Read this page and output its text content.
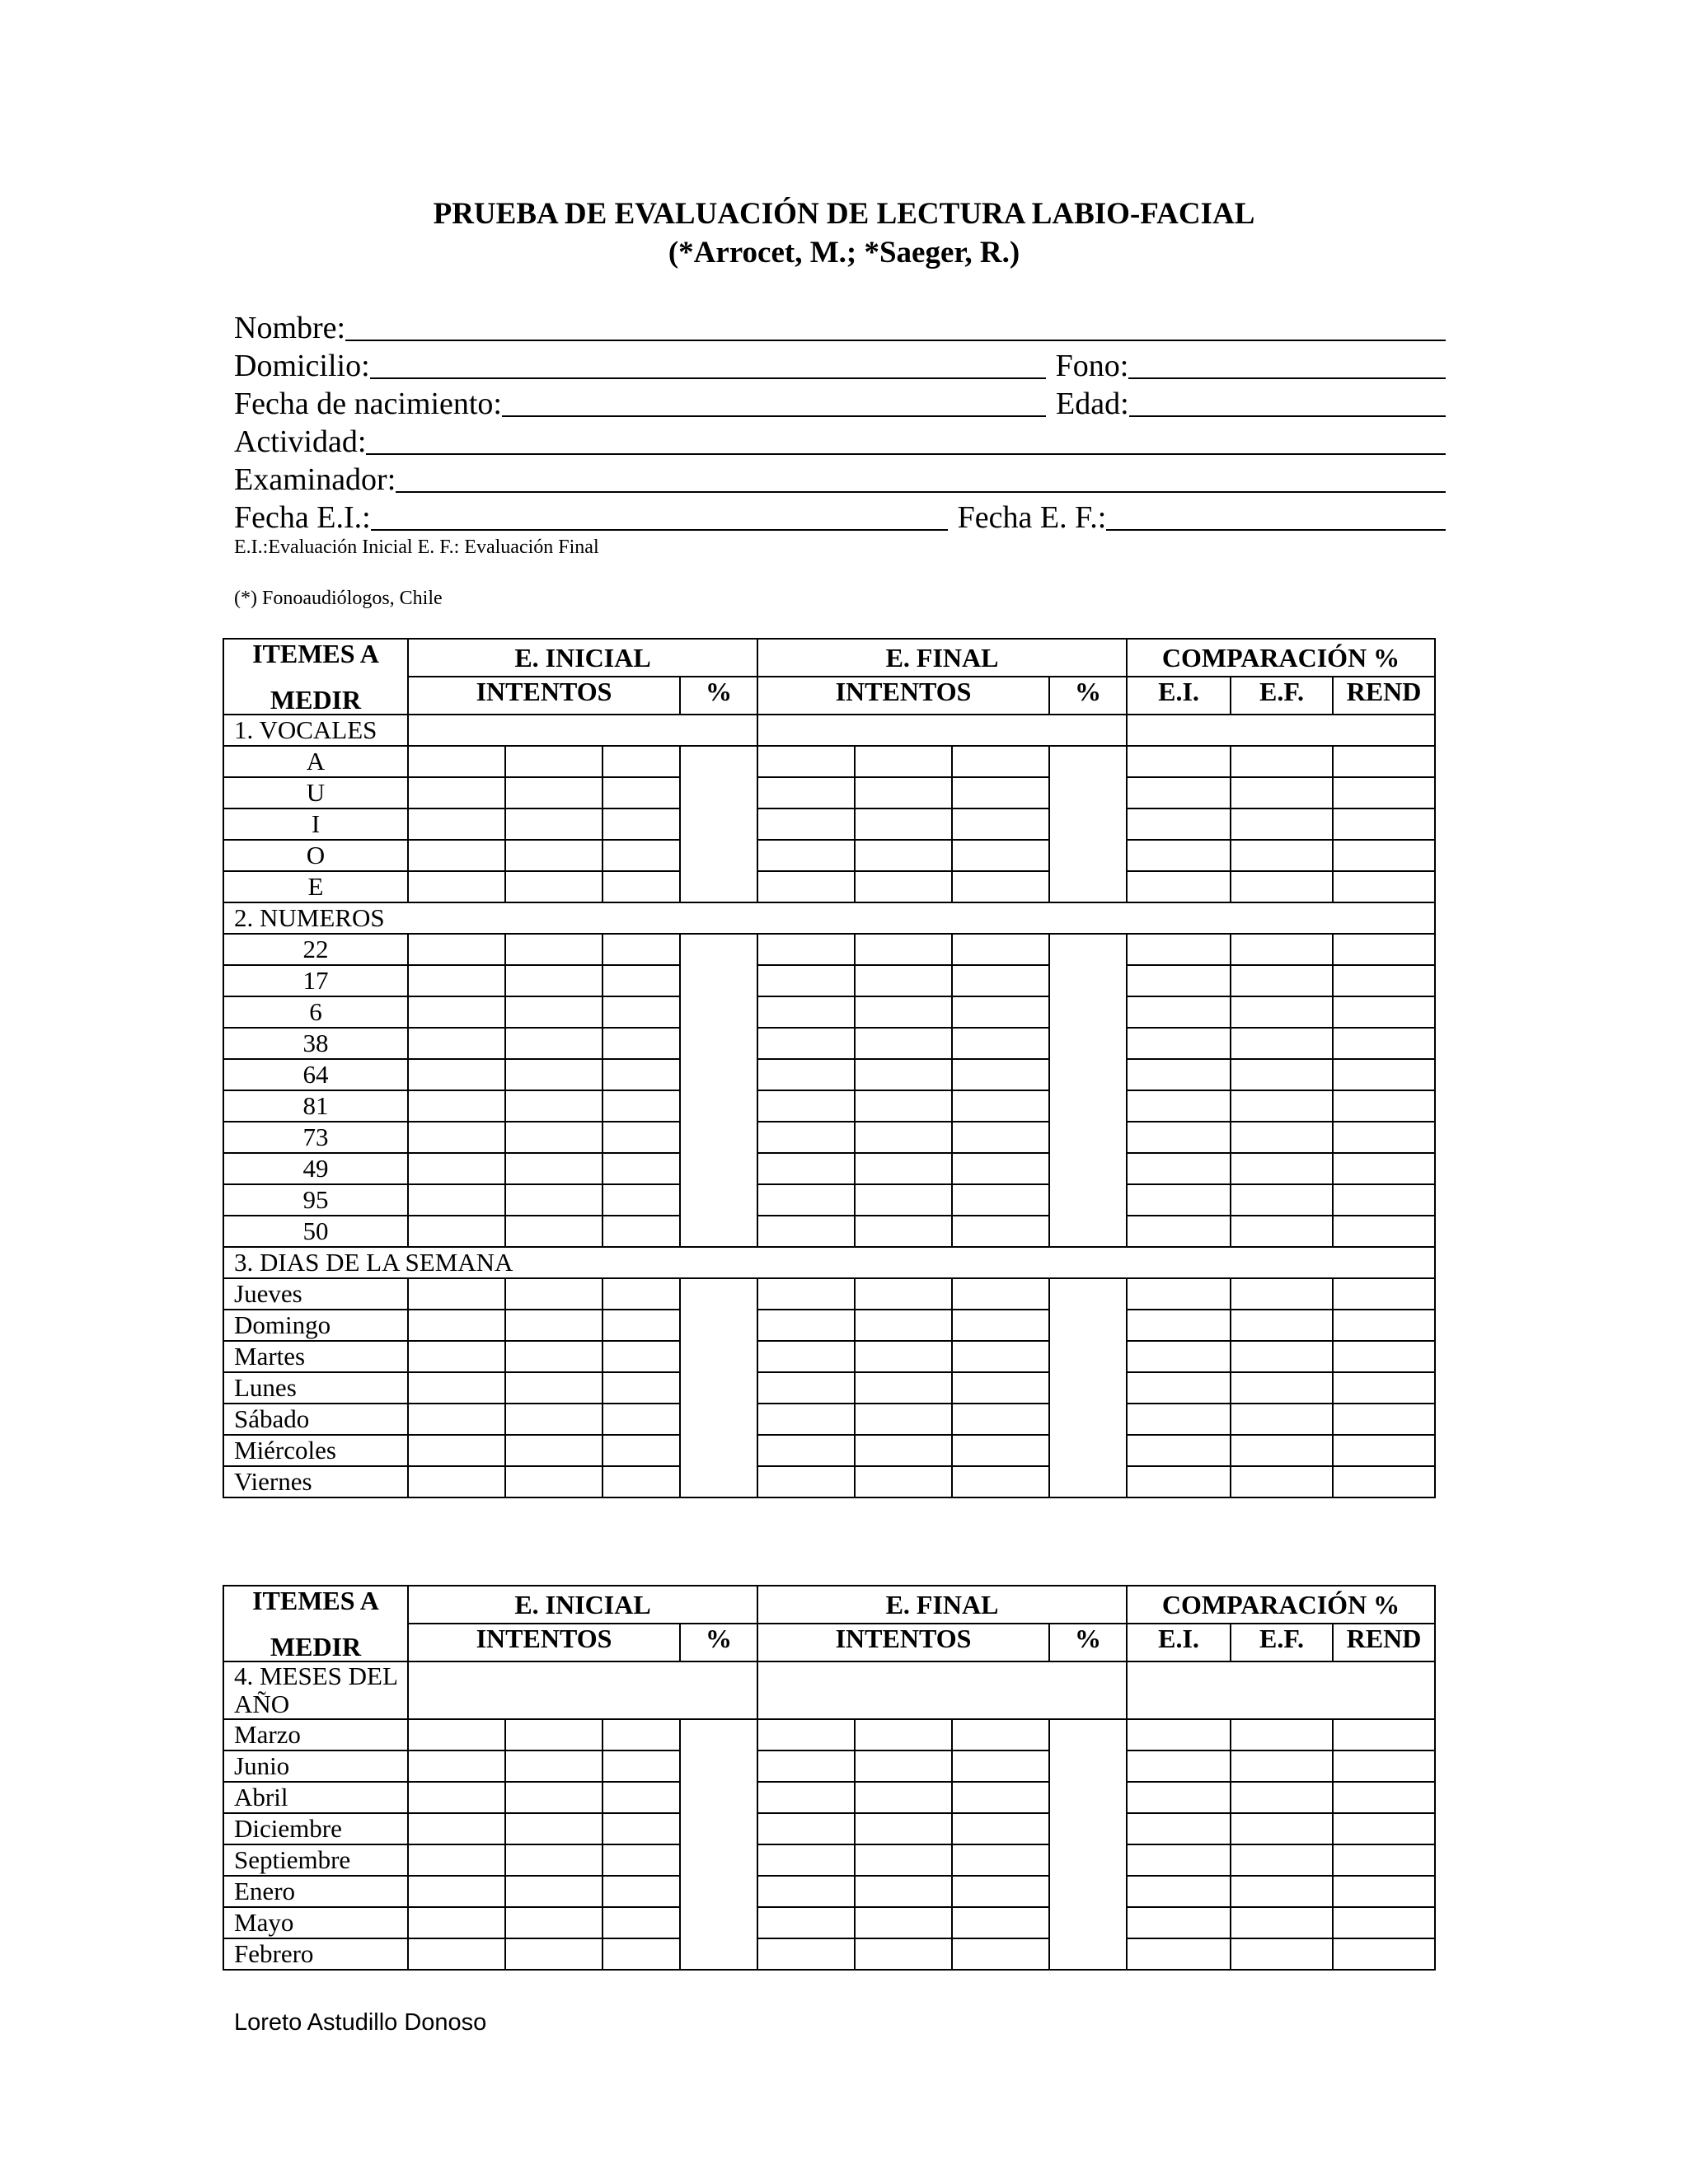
PRUEBA DE EVALUACIÓN DE LECTURA LABIO-FACIAL
(*Arrocet, M.; *Saeger, R.)
Nombre:
Domicilio:	Fono:
Fecha de nacimiento:	Edad:
Actividad:
Examinador:
Fecha E.I.:	Fecha E. F.:
E.I.:Evaluación Inicial E. F.: Evaluación Final
(*) Fonoaudiólogos, Chile
ITEMES A
MEDIR	E. INICIAL				E. FINAL				COMPARACIÓN %		
	INTENTOS			%	INTENTOS			%	E.I.	E.F.	REND
1. VOCALES											
A											
U											
I											
O											
E											
2. NUMEROS											
22											
17											
6											
38											
64											
81											
73											
49											
95											
50											
3. DIAS DE LA SEMANA											
Jueves											
Domingo											
Martes											
Lunes											
Sábado											
Miércoles											
Viernes											
ITEMES A
MEDIR	E. INICIAL				E. FINAL				COMPARACIÓN %		
	INTENTOS			%	INTENTOS			%	E.I.	E.F.	REND
4. MESES DEL AÑO											
Marzo											
Junio											
Abril											
Diciembre											
Septiembre											
Enero											
Mayo											
Febrero											
Loreto Astudillo Donoso
